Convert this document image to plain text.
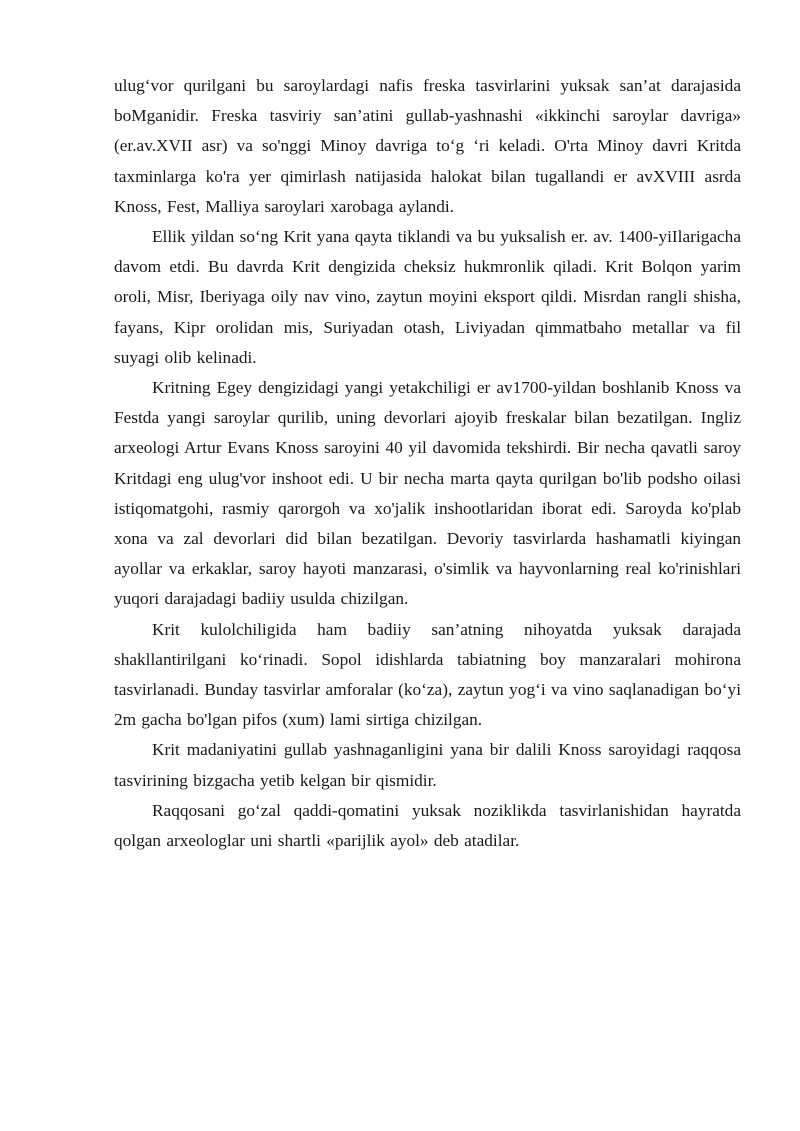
ulug‘vor qurilgani bu saroylardagi nafis freska tasvirlarini yuksak san’at darajasida boMganidir. Freska tasviriy san’atini gullab-yashnashi «ikkinchi saroylar davriga» (er.av.XVII asr) va so'nggi Minoy davriga to‘g ‘ri keladi. O'rta Minoy davri Kritda taxminlarga ko'ra yer qimirlash natijasida halokat bilan tugallandi er avXVIII asrda Knoss, Fest, Malliya saroylari xarobaga aylandi.

Ellik yildan so‘ng Krit yana qayta tiklandi va bu yuksalish er. av. 1400-yiIlarigacha davom etdi. Bu davrda Krit dengizida cheksiz hukmronlik qiladi. Krit Bolqon yarim oroli, Misr, Iberiyaga oily nav vino, zaytun moyini eksport qildi. Misrdan rangli shisha, fayans, Kipr orolidan mis, Suriyadan otash, Liviyadan qimmatbaho metallar va fil suyagi olib kelinadi.

Kritning Egey dengizidagi yangi yetakchiligi er av1700-yildan boshlanib Knoss va Festda yangi saroylar qurilib, uning devorlari ajoyib freskalar bilan bezatilgan. Ingliz arxeologi Artur Evans Knoss saroyini 40 yil davomida tekshirdi. Bir necha qavatli saroy Kritdagi eng ulug'vor inshoot edi. U bir necha marta qayta qurilgan bo'lib podsho oilasi istiqomatgohi, rasmiy qarorgoh va xo'jalik inshootlaridan iborat edi. Saroyda ko'plab xona va zal devorlari did bilan bezatilgan. Devoriy tasvirlarda hashamatli kiyingan ayollar va erkaklar, saroy hayoti manzarasi, o'simlik va hayvonlarning real ko'rinishlari yuqori darajadagi badiiy usulda chizilgan.

Krit kulolchiligida ham badiiy san’atning nihoyatda yuksak darajada shakllantirilgani ko‘rinadi. Sopol idishlarda tabiatning boy manzaralari mohirona tasvirlanadi. Bunday tasvirlar amforalar (ko‘za), zaytun yog‘i va vino saqlanadigan bo‘yi 2m gacha bo'lgan pifos (xum) lami sirtiga chizilgan.

Krit madaniyatini gullab yashnaganligini yana bir dalili Knoss saroyidagi raqqosa tasvirining bizgacha yetib kelgan bir qismidir.

Raqqosani go‘zal qaddi-qomatini yuksak noziklikda tasvirlanishidan hayratda qolgan arxeologlar uni shartli «parijlik ayol» deb atadilar.
